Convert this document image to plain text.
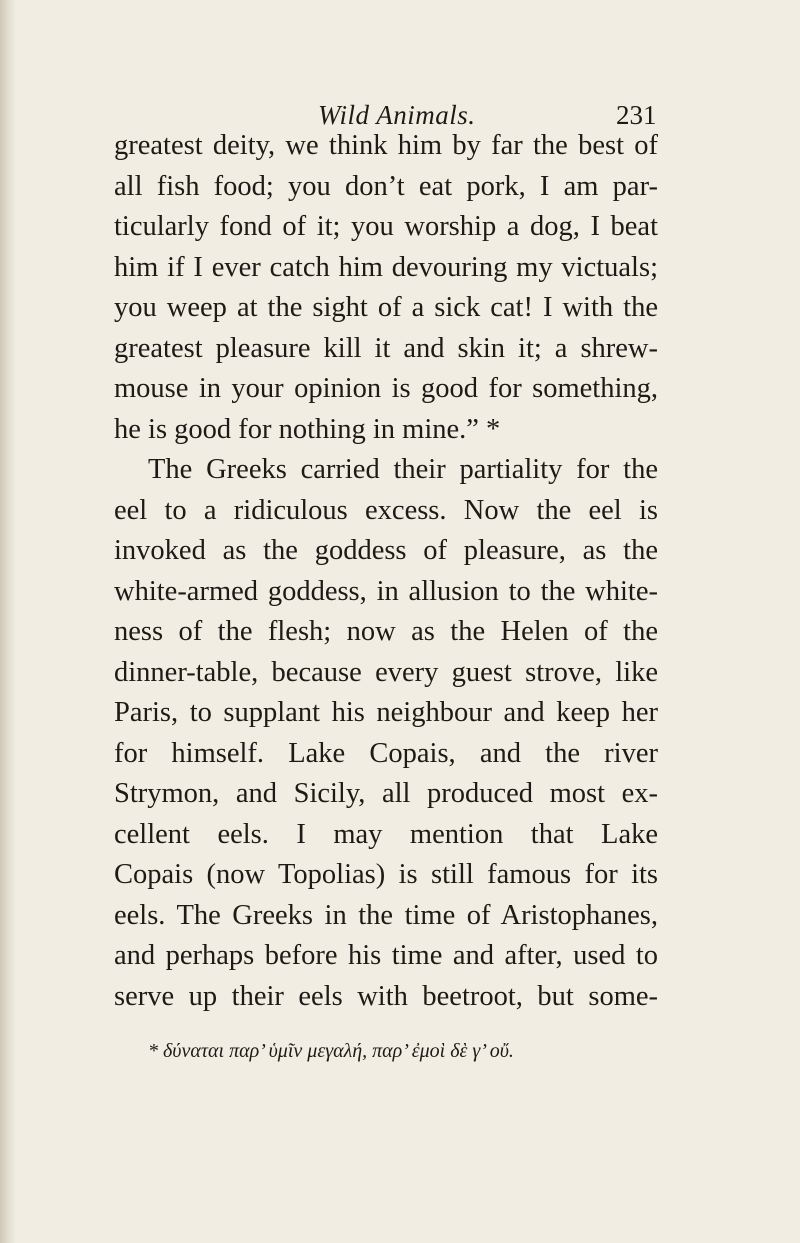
Wild Animals.	231
greatest deity, we think him by far the best of
all fish food; you don’t eat pork, I am par-
ticularly fond of it; you worship a dog, I beat
him if I ever catch him devouring my victuals;
you weep at the sight of a sick cat! I with the
greatest pleasure kill it and skin it; a shrew-
mouse in your opinion is good for something,
he is good for nothing in mine.” *
The Greeks carried their partiality for the
eel to a ridiculous excess. Now the eel is
invoked as the goddess of pleasure, as the
white-armed goddess, in allusion to the white-
ness of the flesh; now as the Helen of the
dinner-table, because every guest strove, like
Paris, to supplant his neighbour and keep her
for himself. Lake Copais, and the river
Strymon, and Sicily, all produced most ex-
cellent eels. I may mention that Lake
Copais (now Topolias) is still famous for its
eels. The Greeks in the time of Aristophanes,
and perhaps before his time and after, used to
serve up their eels with beetroot, but some-
* δύναται παρ’ ὑμῖν μεγαλή, παρ’ ἐμοὶ δὲ γ’ οὔ.
